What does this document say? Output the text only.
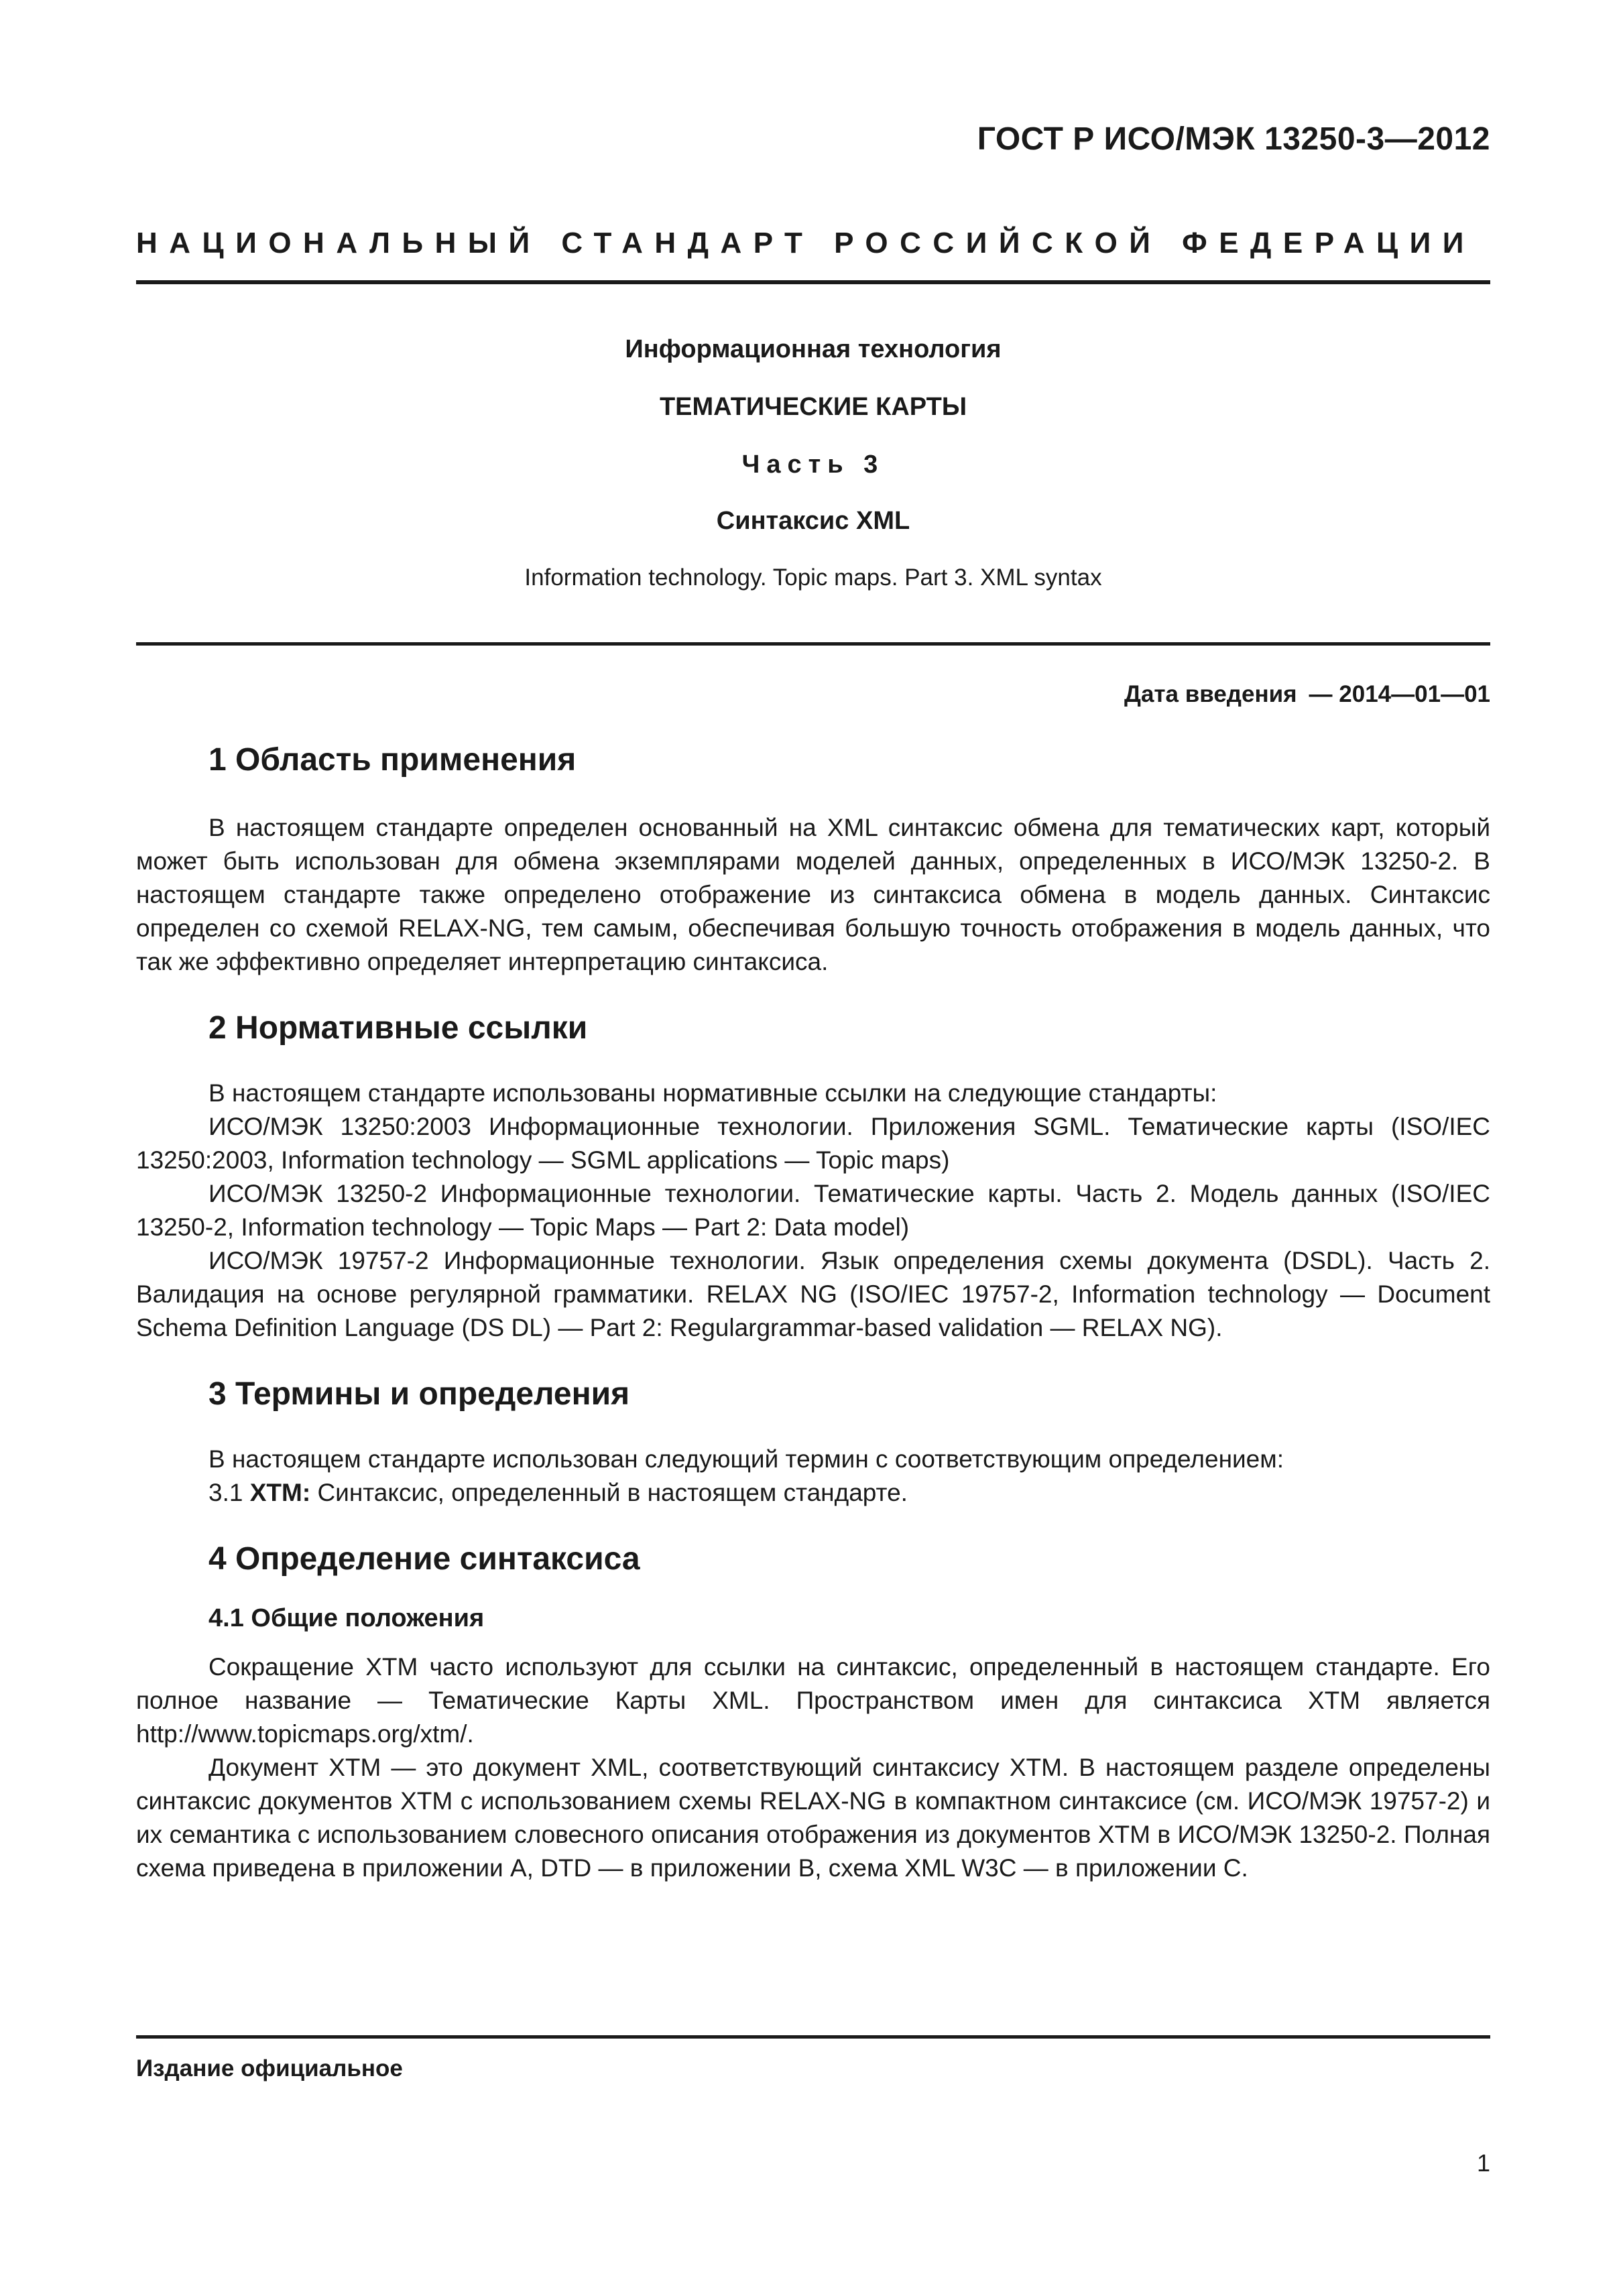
ГОСТ Р ИСО/МЭК 13250-3—2012
НАЦИОНАЛЬНЫЙ СТАНДАРТ РОССИЙСКОЙ ФЕДЕРАЦИИ
Информационная технология
ТЕМАТИЧЕСКИЕ КАРТЫ
Часть 3
Синтаксис XML
Information technology. Topic maps. Part 3. XML syntax
Дата введения — 2014—01—01
1 Область применения

В настоящем стандарте определен основанный на XML синтаксис обмена для тематических карт, который может быть использован для обмена экземплярами моделей данных, определенных в ИСО/МЭК 13250-2. В настоящем стандарте также определено отображение из синтаксиса обмена в модель данных. Синтаксис определен со схемой RELAX-NG, тем самым, обеспечивая большую точность отображения в модель данных, что так же эффективно определяет интерпретацию синтаксиса.

2 Нормативные ссылки

В настоящем стандарте использованы нормативные ссылки на следующие стандарты:

ИСО/МЭК 13250:2003 Информационные технологии. Приложения SGML. Тематические карты (ISO/IEC 13250:2003, Information technology — SGML applications — Topic maps)

ИСО/МЭК 13250-2 Информационные технологии. Тематические карты. Часть 2. Модель данных (ISO/IEC 13250-2, Information technology — Topic Maps — Part 2: Data model)

ИСО/МЭК 19757-2 Информационные технологии. Язык определения схемы документа (DSDL). Часть 2. Валидация на основе регулярной грамматики. RELAX NG (ISO/IEC 19757-2, Information technology — Document Schema Definition Language (DS DL) — Part 2: Regulargrammar-based validation — RELAX NG).

3 Термины и определения

В настоящем стандарте использован следующий термин с соответствующим определением:

3.1 XTM: Синтаксис, определенный в настоящем стандарте.

4 Определение синтаксиса
4.1 Общие положения

Сокращение XTM часто используют для ссылки на синтаксис, определенный в настоящем стандарте. Его полное название — Тематические Карты XML. Пространством имен для синтаксиса XTM является http://www.topicmaps.org/xtm/.

Документ XTM — это документ XML, соответствующий синтаксису XTM. В настоящем разделе определены синтаксис документов XTM с использованием схемы RELAX-NG в компактном синтаксисе (см. ИСО/МЭК 19757-2) и их семантика с использованием словесного описания отображения из документов XTM в ИСО/МЭК 13250-2. Полная схема приведена в приложении А, DTD — в приложении В, схема XML W3C — в приложении С.

Издание официальное
1
